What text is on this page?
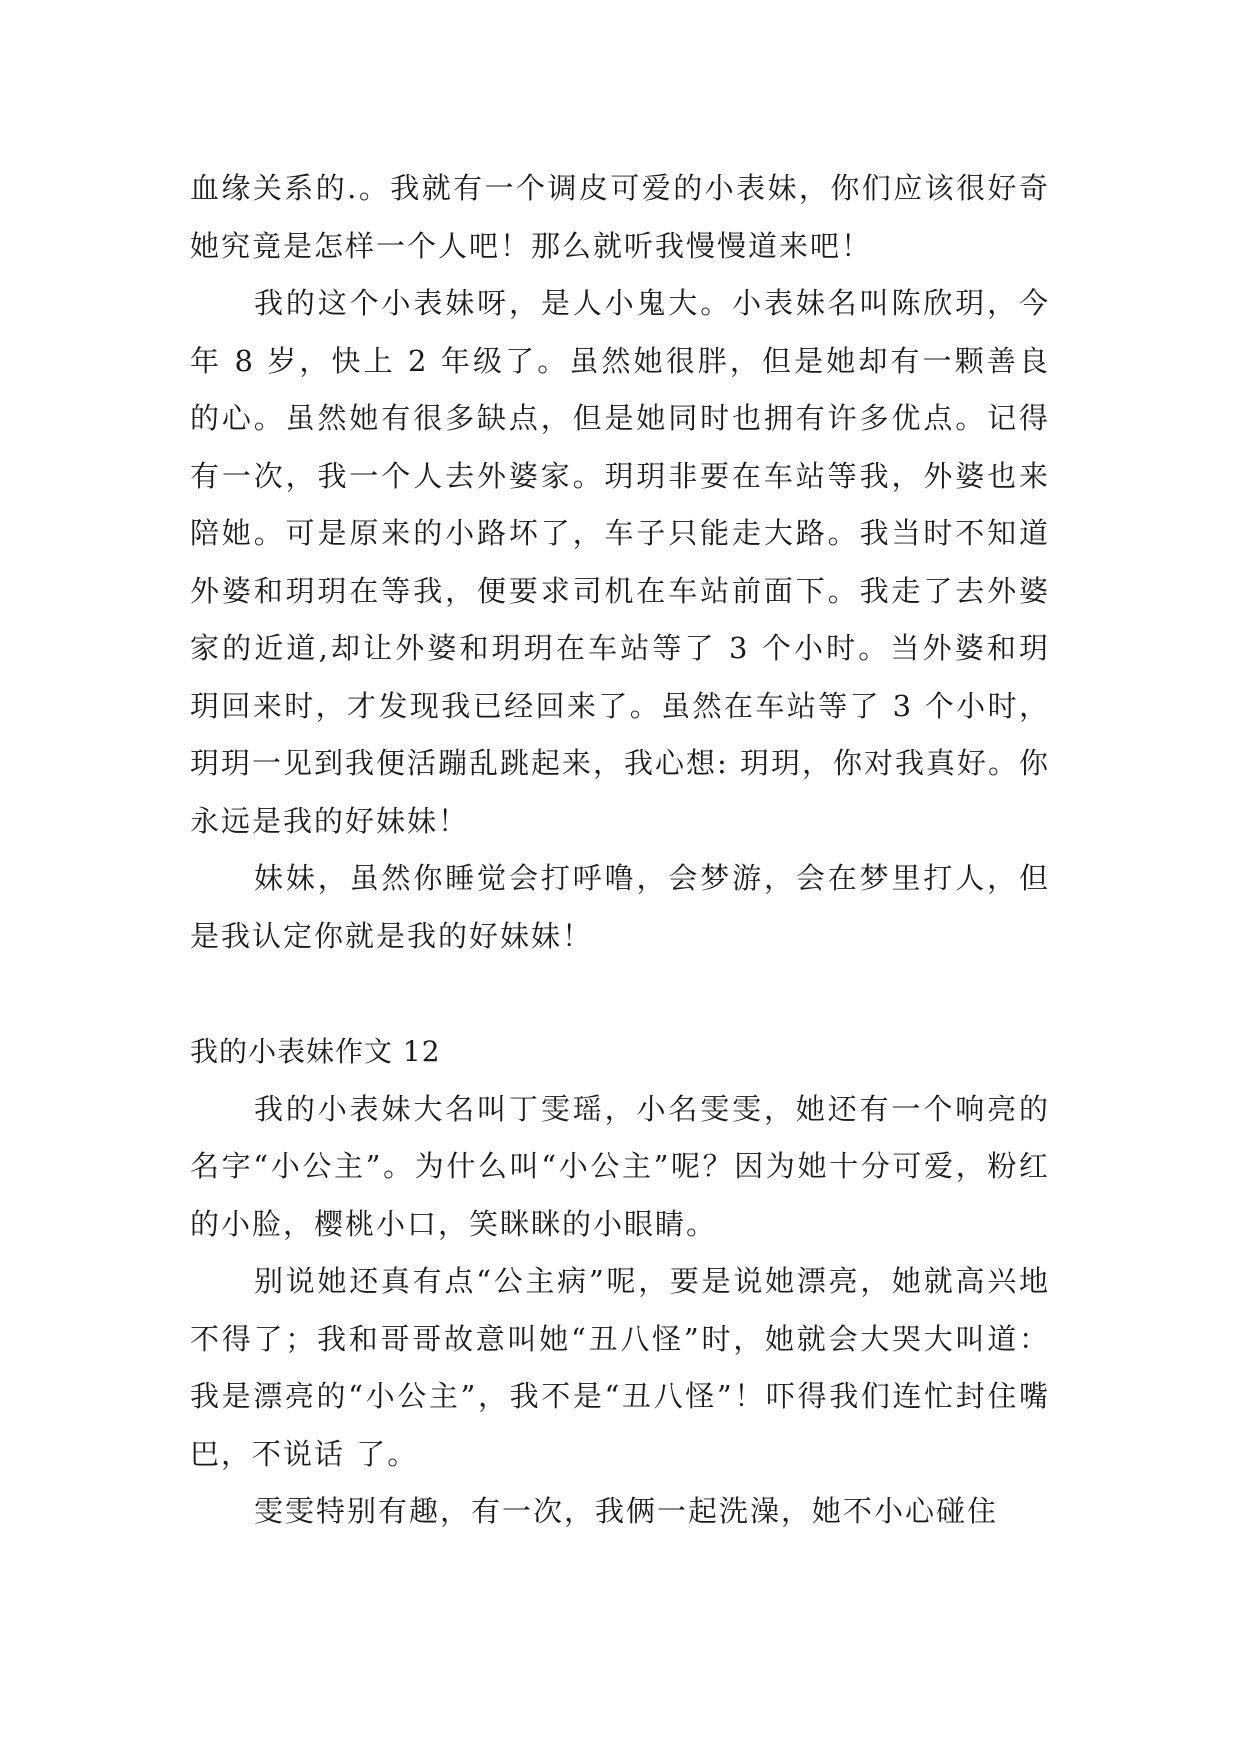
血缘关系的.。我就有一个调皮可爱的小表妹，你们应该很好奇她究竟是怎样一个人吧！那么就听我慢慢道来吧！

我的这个小表妹呀，是人小鬼大。小表妹名叫陈欣玥，今年 8 岁，快上 2 年级了。虽然她很胖，但是她却有一颗善良的心。虽然她有很多缺点，但是她同时也拥有许多优点。记得有一次，我一个人去外婆家。玥玥非要在车站等我，外婆也来陪她。可是原来的小路坏了，车子只能走大路。我当时不知道外婆和玥玥在等我，便要求司机在车站前面下。我走了去外婆家的近道,却让外婆和玥玥在车站等了 3 个小时。当外婆和玥玥回来时，才发现我已经回来了。虽然在车站等了 3 个小时，玥玥一见到我便活蹦乱跳起来，我心想: 玥玥，你对我真好。你永远是我的好妹妹！

妹妹，虽然你睡觉会打呼噜，会梦游，会在梦里打人，但是我认定你就是我的好妹妹！

我的小表妹作文 12

我的小表妹大名叫丁雯瑶，小名雯雯，她还有一个响亮的名字“小公主”。为什么叫“小公主”呢？因为她十分可爱，粉红的小脸，樱桃小口，笑眯眯的小眼睛。

别说她还真有点“公主病”呢，要是说她漂亮，她就高兴地不得了；我和哥哥故意叫她“丑八怪”时，她就会大哭大叫道：我是漂亮的“小公主”，我不是“丑八怪”！吓得我们连忙封住嘴巴，不说话 了。

雯雯特别有趣，有一次，我俩一起洗澡，她不小心碰住
